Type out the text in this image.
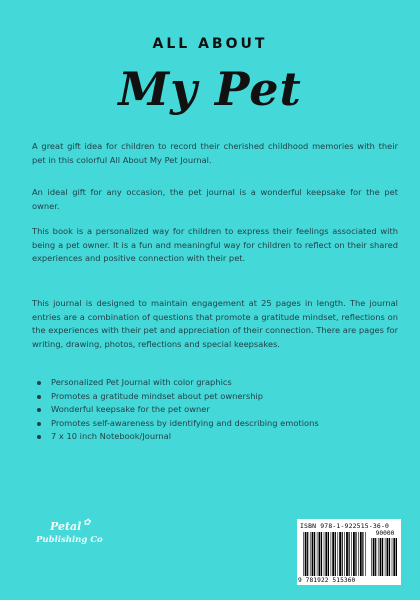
ALL ABOUT
My Pet

A great gift idea for children to record their cherished childhood memories with their pet in this colorful All About My Pet Journal.

An ideal gift for any occasion, the pet journal is a wonderful keepsake for the pet owner.

This book is a personalized way for children to express their feelings associated with being a pet owner. It is a fun and meaningful way for children to reflect on their shared experiences and positive connection with their pet.

This journal is designed to maintain engagement at 25 pages in length. The journal entries are a combination of questions that promote a gratitude mindset, reflections on the experiences with their pet and appreciation of their connection. There are pages for writing, drawing, photos, reflections and special keepsakes.

Personalized Pet Journal with color graphics
Promotes a gratitude mindset about pet ownership
Wonderful keepsake for the pet owner
Promotes self-awareness by identifying and describing emotions
7 x 10 inch Notebook/Journal
Petal ✿
Publishing Co
ISBN 978-1-922515-36-0
90000
9 781922 515360
